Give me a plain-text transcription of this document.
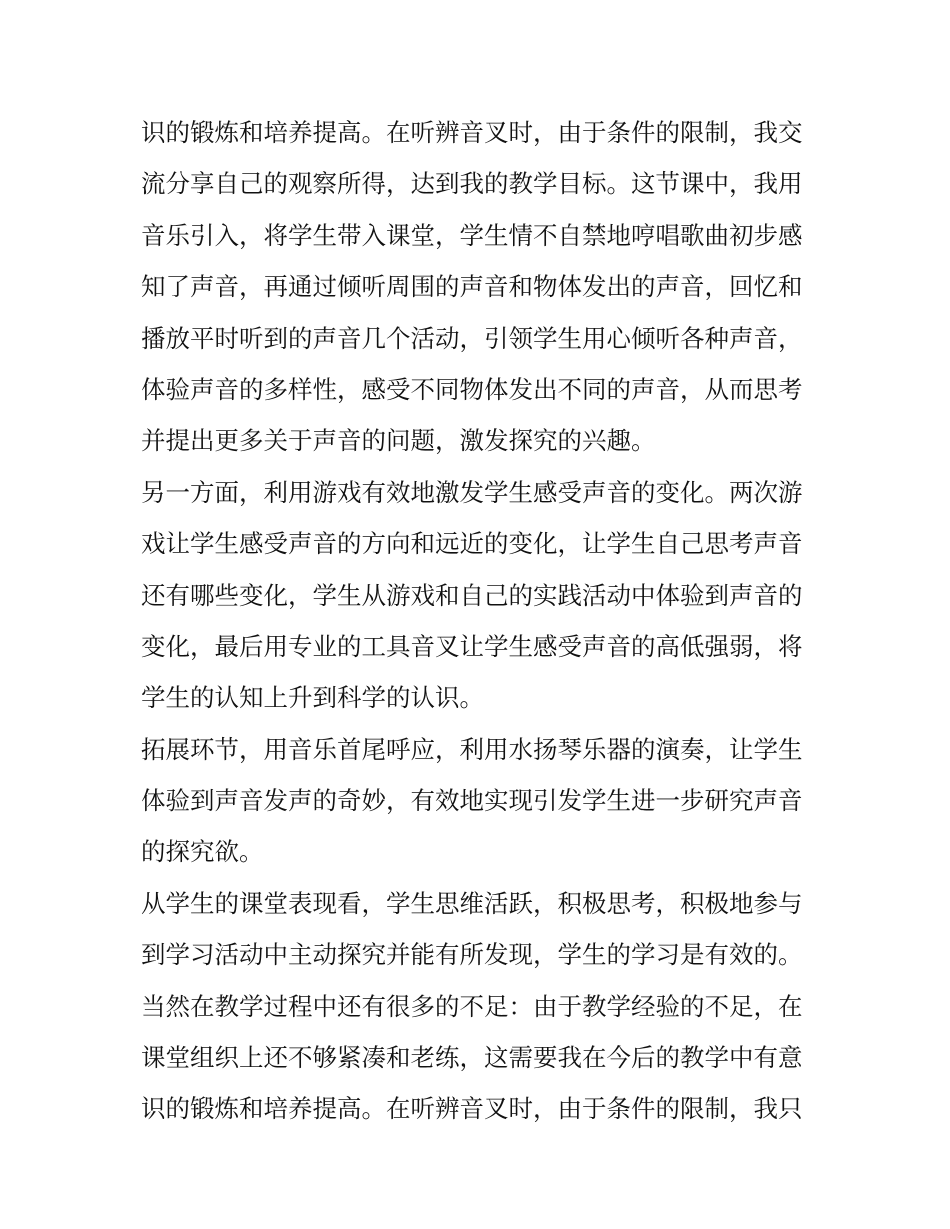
识的锻炼和培养提高。在听辨音叉时，由于条件的限制，我交
流分享自己的观察所得，达到我的教学目标。这节课中，我用
音乐引入，将学生带入课堂，学生情不自禁地哼唱歌曲初步感
知了声音，再通过倾听周围的声音和物体发出的声音，回忆和
播放平时听到的声音几个活动，引领学生用心倾听各种声音，
体验声音的多样性，感受不同物体发出不同的声音，从而思考
并提出更多关于声音的问题，激发探究的兴趣。
另一方面，利用游戏有效地激发学生感受声音的变化。两次游
戏让学生感受声音的方向和远近的变化，让学生自己思考声音
还有哪些变化，学生从游戏和自己的实践活动中体验到声音的
变化，最后用专业的工具音叉让学生感受声音的高低强弱，将
学生的认知上升到科学的认识。
拓展环节，用音乐首尾呼应，利用水扬琴乐器的演奏，让学生
体验到声音发声的奇妙，有效地实现引发学生进一步研究声音
的探究欲。
从学生的课堂表现看，学生思维活跃，积极思考，积极地参与
到学习活动中主动探究并能有所发现，学生的学习是有效的。
当然在教学过程中还有很多的不足：由于教学经验的不足，在
课堂组织上还不够紧凑和老练，这需要我在今后的教学中有意
识的锻炼和培养提高。在听辨音叉时，由于条件的限制，我只
